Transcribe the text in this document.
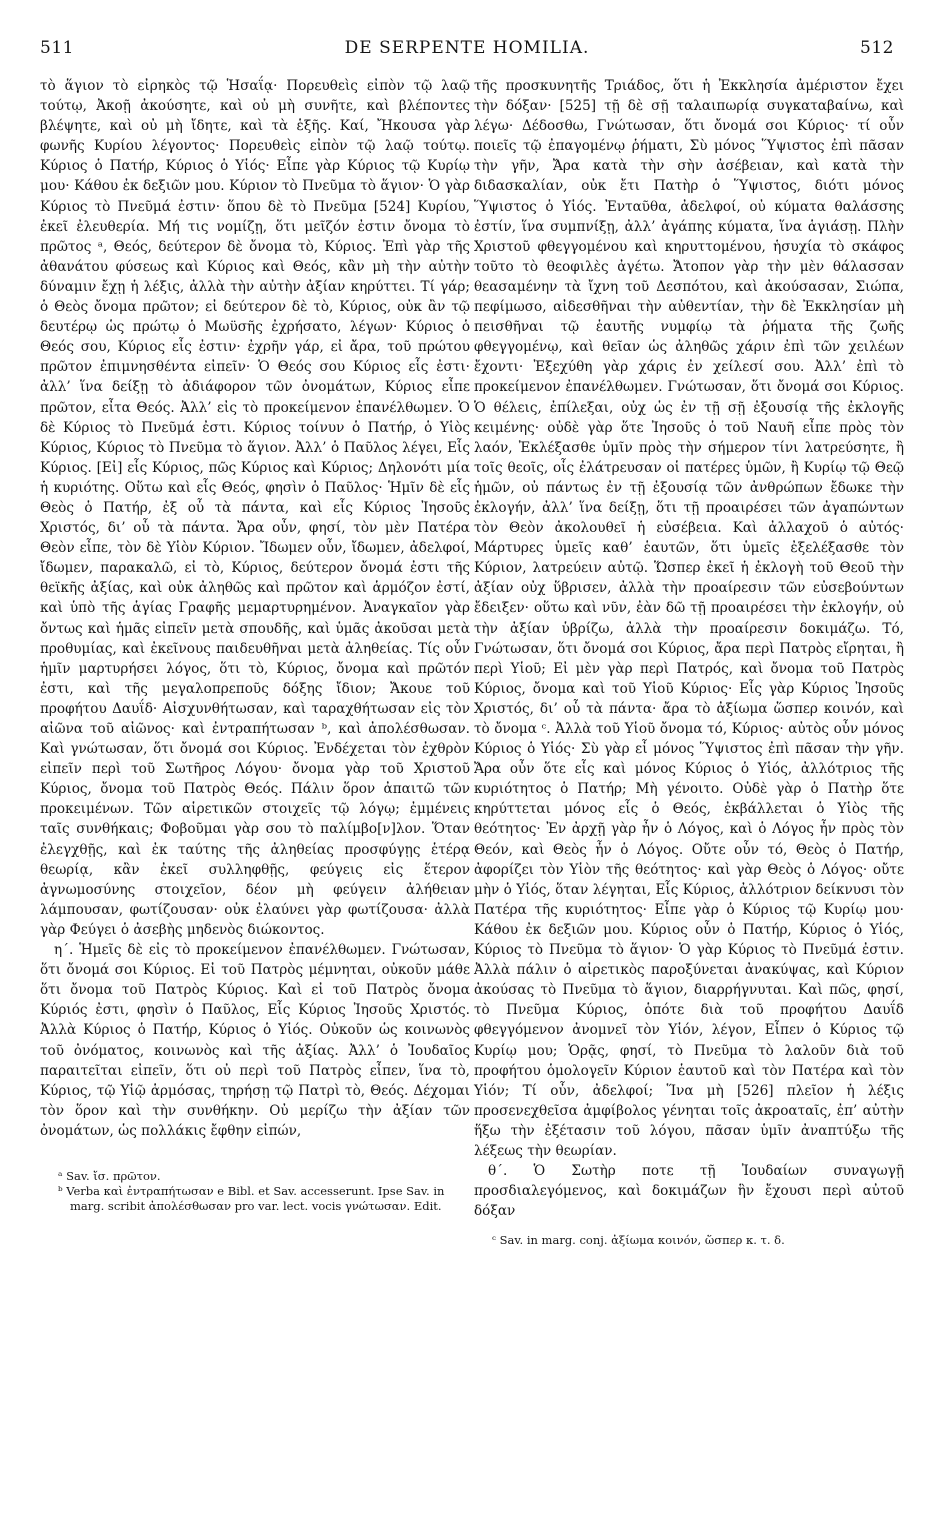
511	DE SERPENTE HOMILIA.	512

τὸ ἅγιον τὸ εἰρηκὸς τῷ Ἡσαΐᾳ· Πορευθεὶς εἰπὸν τῷ λαῷ τούτῳ, Ἀκοῇ ἀκούσητε, καὶ οὐ μὴ συνῆτε, καὶ βλέποντες βλέψητε, καὶ οὐ μὴ ἴδητε, καὶ τὰ ἑξῆς. Καί, Ἤκουσα γὰρ φωνῆς Κυρίου λέγοντος· Πορευθεὶς εἰπὸν τῷ λαῷ τούτῳ. Κύριος ὁ Πατήρ, Κύριος ὁ Υἱός· Εἶπε γὰρ Κύριος τῷ Κυρίῳ μου· Κάθου ἐκ δεξιῶν μου. Κύριον τὸ Πνεῦμα τὸ ἅγιον· Ὁ γὰρ Κύριος τὸ Πνεῦμά ἐστιν· ὅπου δὲ τὸ Πνεῦμα [524] Κυρίου, ἐκεῖ ἐλευθερία. Μή τις νομίζῃ, ὅτι μεῖζόν ἐστιν ὄνομα τὸ πρῶτος ᵃ, Θεός, δεύτερον δὲ ὄνομα τὸ, Κύριος. Ἐπὶ γὰρ τῆς ἀθανάτου φύσεως καὶ Κύριος καὶ Θεός, κἂν μὴ τὴν αὐτὴν δύναμιν ἔχῃ ἡ λέξις, ἀλλὰ τὴν αὐτὴν ἀξίαν κηρύττει. Τί γάρ; ὁ Θεὸς ὄνομα πρῶτον; εἰ δεύτερον δὲ τὸ, Κύριος, οὐκ ἂν τῷ δευτέρῳ ὡς πρώτῳ ὁ Μωϋσῆς ἐχρήσατο, λέγων· Κύριος ὁ Θεός σου, Κύριος εἷς ἐστιν· ἐχρῆν γάρ, εἰ ἄρα, τοῦ πρώτου πρῶτον ἐπιμνησθέντα εἰπεῖν· Ὁ Θεός σου Κύριος εἷς ἐστι· ἀλλ’ ἵνα δείξῃ τὸ ἀδιάφορον τῶν ὀνομάτων, Κύριος εἶπε πρῶτον, εἶτα Θεός. Ἀλλ’ εἰς τὸ προκείμενον ἐπανέλθωμεν. Ὁ δὲ Κύριος τὸ Πνεῦμά ἐστι. Κύριος τοίνυν ὁ Πατήρ, ὁ Υἱὸς Κύριος, Κύριος τὸ Πνεῦμα τὸ ἅγιον. Ἀλλ’ ὁ Παῦλος λέγει, Εἷς Κύριος. [Εἰ] εἷς Κύριος, πῶς Κύριος καὶ Κύριος; Δηλονότι μία ἡ κυριότης. Οὕτω καὶ εἷς Θεός, φησὶν ὁ Παῦλος· Ἡμῖν δὲ εἷς Θεὸς ὁ Πατήρ, ἐξ οὗ τὰ πάντα, καὶ εἷς Κύριος Ἰησοῦς Χριστός, δι’ οὗ τὰ πάντα. Ἄρα οὖν, φησί, τὸν μὲν Πατέρα Θεὸν εἶπε, τὸν δὲ Υἱὸν Κύριον. Ἴδωμεν οὖν, ἴδωμεν, ἀδελφοί, ἴδωμεν, παρακαλῶ, εἰ τὸ, Κύριος, δεύτερον ὄνομά ἐστι τῆς θεϊκῆς ἀξίας, καὶ οὐκ ἀληθῶς καὶ πρῶτον καὶ ἁρμόζον ἐστί, καὶ ὑπὸ τῆς ἁγίας Γραφῆς μεμαρτυρημένον. Ἀναγκαῖον γὰρ ὄντως καὶ ἡμᾶς εἰπεῖν μετὰ σπουδῆς, καὶ ὑμᾶς ἀκοῦσαι μετὰ προθυμίας, καὶ ἐκεῖνους παιδευθῆναι μετὰ ἀληθείας. Τίς οὖν ἡμῖν μαρτυρήσει λόγος, ὅτι τὸ, Κύριος, ὄνομα καὶ πρῶτόν ἐστι, καὶ τῆς μεγαλοπρεποῦς δόξης ἴδιον; Ἄκουε τοῦ προφήτου Δαυΐδ· Αἰσχυνθήτωσαν, καὶ ταραχθήτωσαν εἰς τὸν αἰῶνα τοῦ αἰῶνος· καὶ ἐντραπήτωσαν ᵇ, καὶ ἀπολέσθωσαν. Καὶ γνώτωσαν, ὅτι ὄνομά σοι Κύριος. Ἐνδέχεται τὸν ἐχθρὸν εἰπεῖν περὶ τοῦ Σωτῆρος Λόγου· ὄνομα γὰρ τοῦ Χριστοῦ Κύριος, ὄνομα τοῦ Πατρὸς Θεός. Πάλιν ὅρον ἀπαιτῶ τῶν προκειμένων. Τῶν αἱρετικῶν στοιχεῖς τῷ λόγῳ; ἐμμένεις ταῖς συνθήκαις; Φοβοῦμαι γὰρ σου τὸ παλίμβο[ν]λον. Ὅταν ἐλεγχθῇς, καὶ ἐκ ταύτης τῆς ἀληθείας προσφύγῃς ἑτέρᾳ θεωρίᾳ, κἂν ἐκεῖ συλληφθῇς, φεύγεις εἰς ἕτερον ἀγνωμοσύνης στοιχεῖον, δέον μὴ φεύγειν ἀλήθειαν λάμπουσαν, φωτίζουσαν· οὐκ ἐλαύνει γὰρ φωτίζουσα· ἀλλὰ γὰρ Φεύγει ὁ ἀσεβὴς μηδενὸς διώκοντος.

η΄. Ἡμεῖς δὲ εἰς τὸ προκείμενον ἐπανέλθωμεν. Γνώτωσαν, ὅτι ὄνομά σοι Κύριος. Εἰ τοῦ Πατρὸς μέμνηται, οὐκοῦν μάθε ὅτι ὄνομα τοῦ Πατρὸς Κύριος. Καὶ εἰ τοῦ Πατρὸς ὄνομα Κύριός ἐστι, φησὶν ὁ Παῦλος, Εἷς Κύριος Ἰησοῦς Χριστός. Ἀλλὰ Κύριος ὁ Πατήρ, Κύριος ὁ Υἱός. Οὐκοῦν ὡς κοινωνὸς τοῦ ὀνόματος, κοινωνὸς καὶ τῆς ἀξίας. Ἀλλ’ ὁ Ἰουδαῖος παραιτεῖται εἰπεῖν, ὅτι οὐ περὶ τοῦ Πατρὸς εἶπεν, ἵνα τὸ, Κύριος, τῷ Υἱῷ ἁρμόσας, τηρήσῃ τῷ Πατρὶ τὸ, Θεός. Δέχομαι τὸν ὅρον καὶ τὴν συνθήκην. Οὐ μερίζω τὴν ἀξίαν τῶν ὀνομάτων, ὡς πολλάκις ἔφθην εἰπών,

ᵃ Sav. ἴσ. πρῶτον.

ᵇ Verba καὶ ἐντραπήτωσαν e Bibl. et Sav. accesserunt. Ipse Sav. in marg. scribit ἀπολέσθωσαν pro var. lect. vocis γνώτωσαν. Edit.

τῆς προσκυνητῆς Τριάδος, ὅτι ἡ Ἐκκλησία ἀμέριστον ἔχει τὴν δόξαν· [525] τῇ δὲ σῇ ταλαιπωρίᾳ συγκαταβαίνω, καὶ λέγω· Δέδοσθω, Γνώτωσαν, ὅτι ὄνομά σοι Κύριος· τί οὖν ποιεῖς τῷ ἐπαγομένῳ ῥήματι, Σὺ μόνος Ὕψιστος ἐπὶ πᾶσαν τὴν γῆν, Ἄρα κατὰ τὴν σὴν ἀσέβειαν, καὶ κατὰ τὴν διδασκαλίαν, οὐκ ἔτι Πατὴρ ὁ Ὕψιστος, διότι μόνος Ὕψιστος ὁ Υἱός. Ἐνταῦθα, ἀδελφοί, οὐ κύματα θαλάσσης ἐστίν, ἵνα συμπνίξῃ, ἀλλ’ ἀγάπης κύματα, ἵνα ἁγιάσῃ. Πλὴν Χριστοῦ φθεγγομένου καὶ κηρυττομένου, ἡσυχία τὸ σκάφος τοῦτο τὸ θεοφιλὲς ἀγέτω. Ἄτοπον γὰρ τὴν μὲν θάλασσαν θεασαμένην τὰ ἴχνη τοῦ Δεσπότου, καὶ ἀκούσασαν, Σιώπα, πεφίμωσο, αἰδεσθῆναι τὴν αὐθεντίαν, τὴν δὲ Ἐκκλησίαν μὴ πεισθῆναι τῷ ἑαυτῆς νυμφίῳ τὰ ῥήματα τῆς ζωῆς φθεγγομένῳ, καὶ θεῖαν ὡς ἀληθῶς χάριν ἐπὶ τῶν χειλέων ἔχοντι· Ἐξεχύθη γὰρ χάρις ἐν χείλεσί σου. Ἀλλ’ ἐπὶ τὸ προκείμενον ἐπανέλθωμεν. Γνώτωσαν, ὅτι ὄνομά σοι Κύριος. Ὁ θέλεις, ἐπίλεξαι, οὐχ ὡς ἐν τῇ σῇ ἐξουσίᾳ τῆς ἐκλογῆς κειμένης· οὐδὲ γὰρ ὅτε Ἰησοῦς ὁ τοῦ Ναυῆ εἶπε πρὸς τὸν λαόν, Ἐκλέξασθε ὑμῖν πρὸς τὴν σήμερον τίνι λατρεύσητε, ἢ τοῖς θεοῖς, οἷς ἐλάτρευσαν οἱ πατέρες ὑμῶν, ἢ Κυρίῳ τῷ Θεῷ ἡμῶν, οὐ πάντως ἐν τῇ ἐξουσίᾳ τῶν ἀνθρώπων ἔδωκε τὴν ἐκλογήν, ἀλλ’ ἵνα δείξῃ, ὅτι τῇ προαιρέσει τῶν ἀγαπώντων τὸν Θεὸν ἀκολουθεῖ ἡ εὐσέβεια. Καὶ ἀλλαχοῦ ὁ αὐτός· Μάρτυρες ὑμεῖς καθ’ ἑαυτῶν, ὅτι ὑμεῖς ἐξελέξασθε τὸν Κύριον, λατρεύειν αὐτῷ. Ὥσπερ ἐκεῖ ἡ ἐκλογὴ τοῦ Θεοῦ τὴν ἀξίαν οὐχ ὕβρισεν, ἀλλὰ τὴν προαίρεσιν τῶν εὐσεβούντων ἔδειξεν· οὕτω καὶ νῦν, ἐὰν δῶ τῇ προαιρέσει τὴν ἐκλογήν, οὐ τὴν ἀξίαν ὑβρίζω, ἀλλὰ τὴν προαίρεσιν δοκιμάζω. Τό, Γνώτωσαν, ὅτι ὄνομά σοι Κύριος, ἄρα περὶ Πατρὸς εἴρηται, ἢ περὶ Υἱοῦ; Εἰ μὲν γὰρ περὶ Πατρός, καὶ ὄνομα τοῦ Πατρὸς Κύριος, ὄνομα καὶ τοῦ Υἱοῦ Κύριος· Εἷς γὰρ Κύριος Ἰησοῦς Χριστός, δι’ οὗ τὰ πάντα· ἄρα τὸ ἀξίωμα ὥσπερ κοινόν, καὶ τὸ ὄνομα ᶜ. Ἀλλὰ τοῦ Υἱοῦ ὄνομα τό, Κύριος· αὐτὸς οὖν μόνος Κύριος ὁ Υἱός· Σὺ γὰρ εἶ μόνος Ὕψιστος ἐπὶ πᾶσαν τὴν γῆν. Ἄρα οὖν ὅτε εἷς καὶ μόνος Κύριος ὁ Υἱός, ἀλλότριος τῆς κυριότητος ὁ Πατήρ; Μὴ γένοιτο. Οὐδὲ γὰρ ὁ Πατὴρ ὅτε κηρύττεται μόνος εἷς ὁ Θεός, ἐκβάλλεται ὁ Υἱὸς τῆς θεότητος· Ἐν ἀρχῇ γὰρ ἦν ὁ Λόγος, καὶ ὁ Λόγος ἦν πρὸς τὸν Θεόν, καὶ Θεὸς ἦν ὁ Λόγος. Οὔτε οὖν τό, Θεὸς ὁ Πατήρ, ἀφορίζει τὸν Υἱὸν τῆς θεότητος· καὶ γὰρ Θεὸς ὁ Λόγος· οὔτε μὴν ὁ Υἱός, ὅταν λέγηται, Εἷς Κύριος, ἀλλότριον δείκνυσι τὸν Πατέρα τῆς κυριότητος· Εἶπε γὰρ ὁ Κύριος τῷ Κυρίῳ μου· Κάθου ἐκ δεξιῶν μου. Κύριος οὖν ὁ Πατήρ, Κύριος ὁ Υἱός, Κύριος τὸ Πνεῦμα τὸ ἅγιον· Ὁ γὰρ Κύριος τὸ Πνεῦμά ἐστιν. Ἀλλὰ πάλιν ὁ αἱρετικὸς παροξύνεται ἀνακύψας, καὶ Κύριον ἀκούσας τὸ Πνεῦμα τὸ ἅγιον, διαρρήγνυται. Καὶ πῶς, φησί, τὸ Πνεῦμα Κύριος, ὁπότε διὰ τοῦ προφήτου Δαυΐδ φθεγγόμενον ἀνομνεῖ τὸν Υἱόν, λέγον, Εἶπεν ὁ Κύριος τῷ Κυρίῳ μου; Ὁρᾷς, φησί, τὸ Πνεῦμα τὸ λαλοῦν διὰ τοῦ προφήτου ὁμολογεῖν Κύριον ἑαυτοῦ καὶ τὸν Πατέρα καὶ τὸν Υἱόν; Τί οὖν, ἀδελφοί; Ἵνα μὴ [526] πλεῖον ἡ λέξις προσενεχθεῖσα ἀμφίβολος γένηται τοῖς ἀκροαταῖς, ἐπ’ αὐτὴν ἥξω τὴν ἐξέτασιν τοῦ λόγου, πᾶσαν ὑμῖν ἀναπτύξω τῆς λέξεως τὴν θεωρίαν.

θ΄. Ὁ Σωτὴρ ποτε τῇ Ἰουδαίων συναγωγῇ προσδιαλεγόμενος, καὶ δοκιμάζων ἣν ἔχουσι περὶ αὐτοῦ δόξαν

ᶜ Sav. in marg. conj. ἀξίωμα κοινόν, ὥσπερ κ. τ. δ.
